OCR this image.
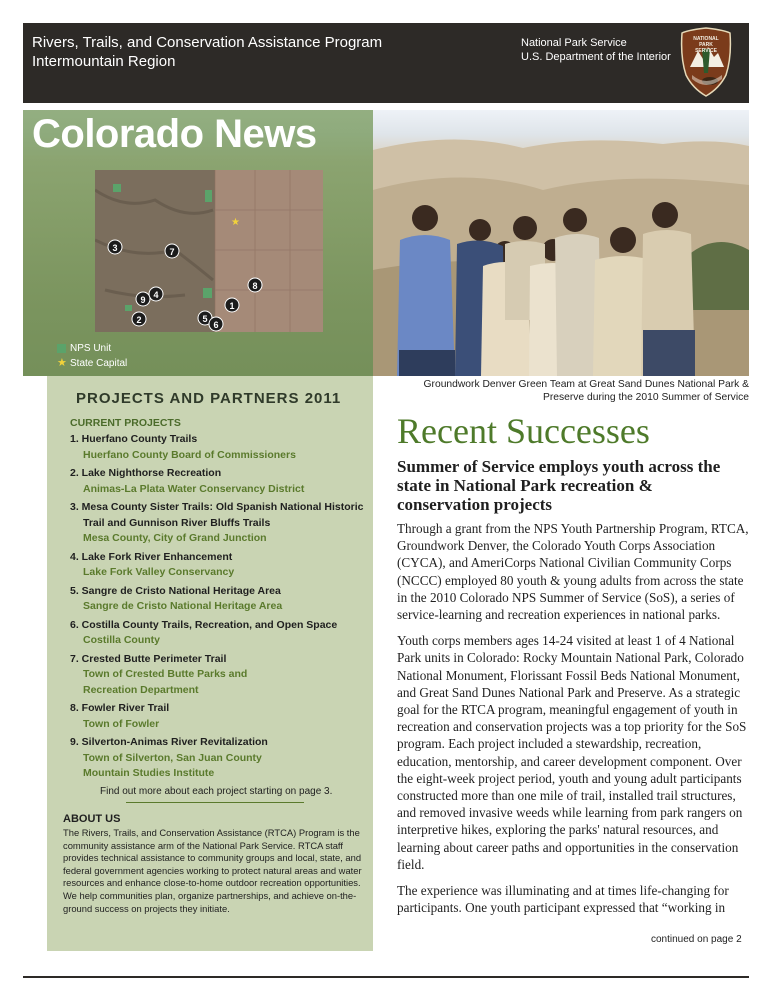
Rivers, Trails, and Conservation Assistance Program
Intermountain Region
National Park Service
U.S. Department of the Interior
NATIONAL
PARK
SERVICE
Colorado News
★
3	7
8
4
9
1
2	5
6
NPS Unit
★ State Capital
Groundwork Denver Green Team at Great Sand Dunes National Park & Preserve during the 2010 Summer of Service
PROJECTS AND PARTNERS 2011
CURRENT PROJECTS
1. Huerfano County Trails
Huerfano County Board of Commissioners
2. Lake Nighthorse Recreation
Animas-La Plata Water Conservancy District
3. Mesa County Sister Trails: Old Spanish National Historic Trail and Gunnison River Bluffs Trails
Mesa County, City of Grand Junction
4. Lake Fork River Enhancement
Lake Fork Valley Conservancy
5. Sangre de Cristo National Heritage Area
Sangre de Cristo National Heritage Area
6. Costilla County Trails, Recreation, and Open Space
Costilla County
7. Crested Butte Perimeter Trail
Town of Crested Butte Parks and Recreation Department
8. Fowler River Trail
Town of Fowler
9. Silverton-Animas River Revitalization
Town of Silverton, San Juan County
Mountain Studies Institute
Find out more about each project starting on page 3.
ABOUT US
The Rivers, Trails, and Conservation Assistance (RTCA) Program is the community assistance arm of the National Park Service. RTCA staff provides technical assistance to community groups and local, state, and federal government agencies working to protect natural areas and water resources and enhance close-to-home outdoor recreation opportunities. We help communities plan, organize partnerships, and achieve on-the-ground success on projects they initiate.
Recent Successes
Summer of Service employs youth across the state in National Park recreation & conservation projects

Through a grant from the NPS Youth Partnership Program, RTCA, Groundwork Denver, the Colorado Youth Corps Association (CYCA), and AmeriCorps National Civilian Community Corps (NCCC) employed 80 youth & young adults from across the state in the 2010 Colorado NPS Summer of Service (SoS), a series of service-learning and recreation experiences in national parks.

Youth corps members ages 14-24 visited at least 1 of 4 National Park units in Colorado: Rocky Mountain National Park, Colorado National Monument, Florissant Fossil Beds National Monument, and Great Sand Dunes National Park and Preserve. As a strategic goal for the RTCA program, meaningful engagement of youth in recreation and conservation projects was a top priority for the SoS program. Each project included a stewardship, recreation, education, mentorship, and career development component. Over the eight-week project period, youth and young adult participants constructed more than one mile of trail, installed trail structures, and removed invasive weeds while learning from park rangers on interpretive hikes, exploring the parks' natural resources, and learning about career paths and opportunities in the conservation field.

The experience was illuminating and at times life-changing for participants. One youth participant expressed that “working in

continued on page 2
